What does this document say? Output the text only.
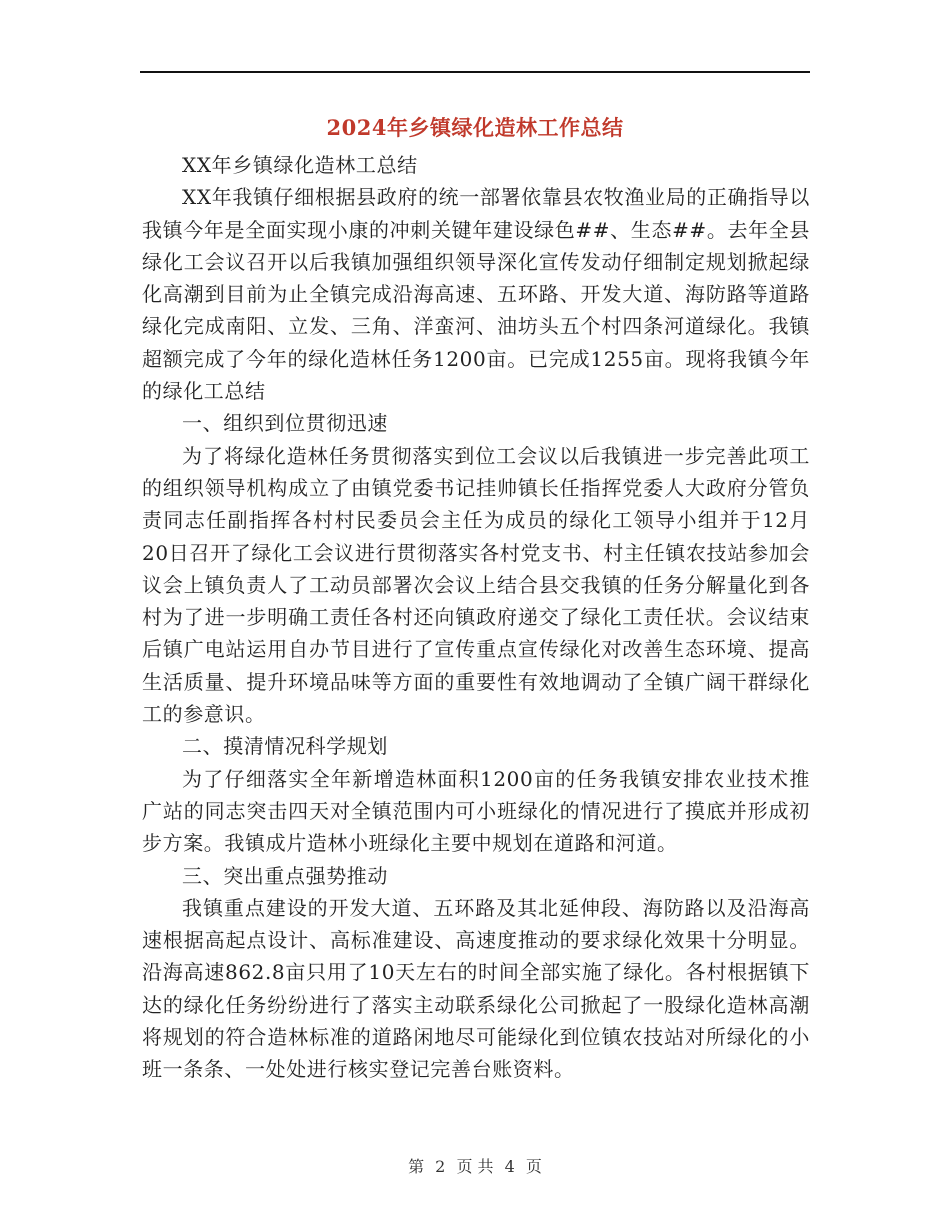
2024年乡镇绿化造林工作总结

XX年乡镇绿化造林工总结

XX年我镇仔细根据县政府的统一部署依靠县农牧渔业局的正确指导以我镇今年是全面实现小康的冲刺关键年建设绿色##、生态##。去年全县绿化工会议召开以后我镇加强组织领导深化宣传发动仔细制定规划掀起绿化高潮到目前为止全镇完成沿海高速、五环路、开发大道、海防路等道路绿化完成南阳、立发、三角、洋蛮河、油坊头五个村四条河道绿化。我镇超额完成了今年的绿化造林任务1200亩。已完成1255亩。现将我镇今年的绿化工总结

一、组织到位贯彻迅速

为了将绿化造林任务贯彻落实到位工会议以后我镇进一步完善此项工的组织领导机构成立了由镇党委书记挂帅镇长任指挥党委人大政府分管负责同志任副指挥各村村民委员会主任为成员的绿化工领导小组并于12月20日召开了绿化工会议进行贯彻落实各村党支书、村主任镇农技站参加会议会上镇负责人了工动员部署次会议上结合县交我镇的任务分解量化到各村为了进一步明确工责任各村还向镇政府递交了绿化工责任状。会议结束后镇广电站运用自办节目进行了宣传重点宣传绿化对改善生态环境、提高生活质量、提升环境品味等方面的重要性有效地调动了全镇广阔干群绿化工的参意识。

二、摸清情况科学规划

为了仔细落实全年新增造林面积1200亩的任务我镇安排农业技术推广站的同志突击四天对全镇范围内可小班绿化的情况进行了摸底并形成初步方案。我镇成片造林小班绿化主要中规划在道路和河道。

三、突出重点强势推动

我镇重点建设的开发大道、五环路及其北延伸段、海防路以及沿海高速根据高起点设计、高标准建设、高速度推动的要求绿化效果十分明显。沿海高速862.8亩只用了10天左右的时间全部实施了绿化。各村根据镇下达的绿化任务纷纷进行了落实主动联系绿化公司掀起了一股绿化造林高潮将规划的符合造林标准的道路闲地尽可能绿化到位镇农技站对所绿化的小班一条条、一处处进行核实登记完善台账资料。

第 2 页 共 4 页
